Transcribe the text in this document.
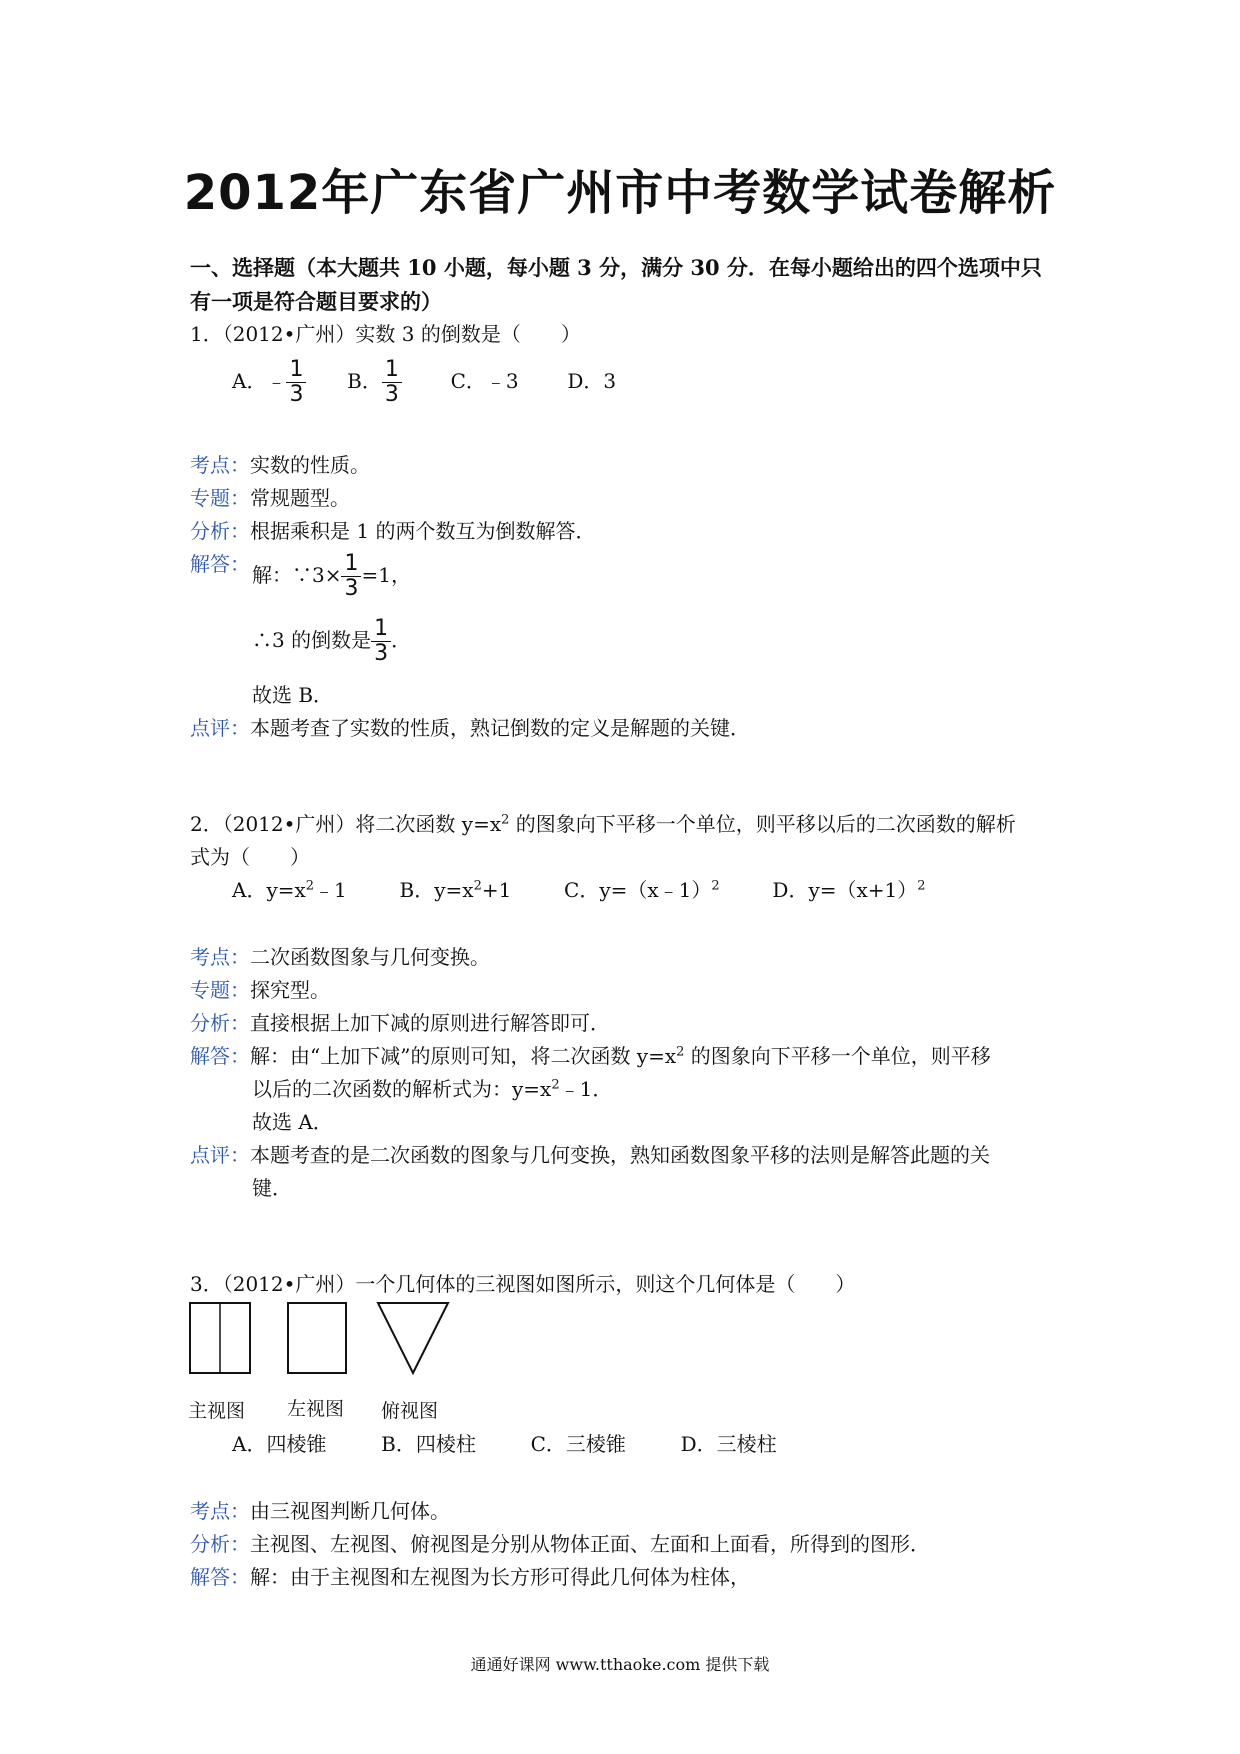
2012年广东省广州市中考数学试卷解析
一、选择题（本大题共 10 小题，每小题 3 分，满分 30 分．在每小题给出的四个选项中只
有一项是符合题目要求的）
1．（2012•广州）实数 3 的倒数是（　　）
A．﹣ $\frac{1}{3}$ B． $\frac{1}{3}$ C．﹣3 D．3
考点：实数的性质。
专题：常规题型。
分析：根据乘积是 1 的两个数互为倒数解答．
解答： 解：∵3× $\frac{1}{3} =1$，
∴3 的倒数是 $\frac{1}{3}$ ．
故选 B．
点评：本题考查了实数的性质，熟记倒数的定义是解题的关键．
2．（2012•广州）将二次函数 $y=x^2$ 的图象向下平移一个单位，则平移以后的二次函数的解析
式为（　　）
A．$y=x^2﹣1$	B．$y=x^2+1$	C．y=（x﹣1）$^2$	D．$y=(x+1)^2$
考点：二次函数图象与几何变换。
专题：探究型。
分析：直接根据上加下减的原则进行解答即可．
解答：解：由“上加下减”的原则可知，将二次函数 $y=x^2$ 的图象向下平移一个单位，则平移
以后的二次函数的解析式为：$y=x^2﹣1$．
故选 A．
点评：本题考查的是二次函数的图象与几何变换，熟知函数图象平移的法则是解答此题的关
键．
3．（2012•广州）一个几何体的三视图如图所示，则这个几何体是（　　）
主视图 左视图 俯视图
A．四棱锥	B．四棱柱	C．三棱锥	D．三棱柱
考点：由三视图判断几何体。
分析：主视图、左视图、俯视图是分别从物体正面、左面和上面看，所得到的图形．
解答：解：由于主视图和左视图为长方形可得此几何体为柱体，
通通好课网 www.tthaoke.com 提供下载
